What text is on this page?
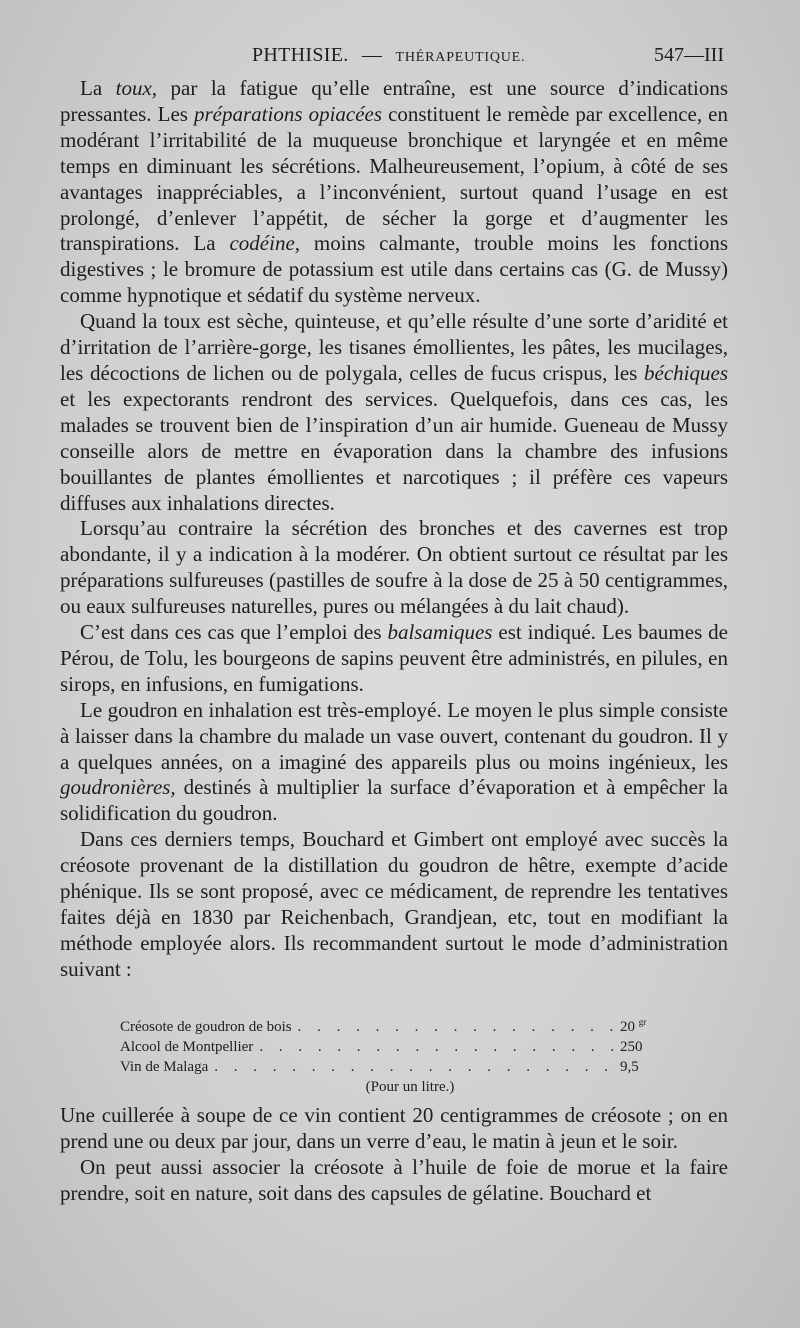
PHTHISIE. — THÉRAPEUTIQUE.	547—III

La toux, par la fatigue qu’elle entraîne, est une source d’indications pressantes. Les préparations opiacées constituent le remède par excellence, en modérant l’irritabilité de la muqueuse bronchique et laryngée et en même temps en diminuant les sécrétions. Malheureusement, l’opium, à côté de ses avantages inappréciables, a l’inconvénient, surtout quand l’usage en est prolongé, d’enlever l’appétit, de sécher la gorge et d’augmenter les transpirations. La codéine, moins calmante, trouble moins les fonctions digestives ; le bromure de potassium est utile dans certains cas (G. de Mussy) comme hypnotique et sédatif du système nerveux.

Quand la toux est sèche, quinteuse, et qu’elle résulte d’une sorte d’aridité et d’irritation de l’arrière-gorge, les tisanes émollientes, les pâtes, les mucilages, les décoctions de lichen ou de polygala, celles de fucus crispus, les béchiques et les expectorants rendront des services. Quelquefois, dans ces cas, les malades se trouvent bien de l’inspiration d’un air humide. Gueneau de Mussy conseille alors de mettre en évaporation dans la chambre des infusions bouillantes de plantes émollientes et narcotiques ; il préfère ces vapeurs diffuses aux inhalations directes.

Lorsqu’au contraire la sécrétion des bronches et des cavernes est trop abondante, il y a indication à la modérer. On obtient surtout ce résultat par les préparations sulfureuses (pastilles de soufre à la dose de 25 à 50 centigrammes, ou eaux sulfureuses naturelles, pures ou mélangées à du lait chaud).

C’est dans ces cas que l’emploi des balsamiques est indiqué. Les baumes de Pérou, de Tolu, les bourgeons de sapins peuvent être administrés, en pilules, en sirops, en infusions, en fumigations.

Le goudron en inhalation est très-employé. Le moyen le plus simple consiste à laisser dans la chambre du malade un vase ouvert, contenant du goudron. Il y a quelques années, on a imaginé des appareils plus ou moins ingénieux, les goudronières, destinés à multiplier la surface d’évaporation et à empêcher la solidification du goudron.

Dans ces derniers temps, Bouchard et Gimbert ont employé avec succès la créosote provenant de la distillation du goudron de hêtre, exempte d’acide phénique. Ils se sont proposé, avec ce médicament, de reprendre les tentatives faites déjà en 1830 par Reichenbach, Grandjean, etc, tout en modifiant la méthode employée alors. Ils recommandent surtout le mode d’administration suivant :

Créosote de goudron de bois . . .	20 $^{gr}$
Alcool de Montpellier . . .	250
Vin de Malaga . . .	9,5
(Pour un litre.)

Une cuillerée à soupe de ce vin contient 20 centigrammes de créosote ; on en prend une ou deux par jour, dans un verre d’eau, le matin à jeun et le soir.

On peut aussi associer la créosote à l’huile de foie de morue et la faire prendre, soit en nature, soit dans des capsules de gélatine. Bouchard et
